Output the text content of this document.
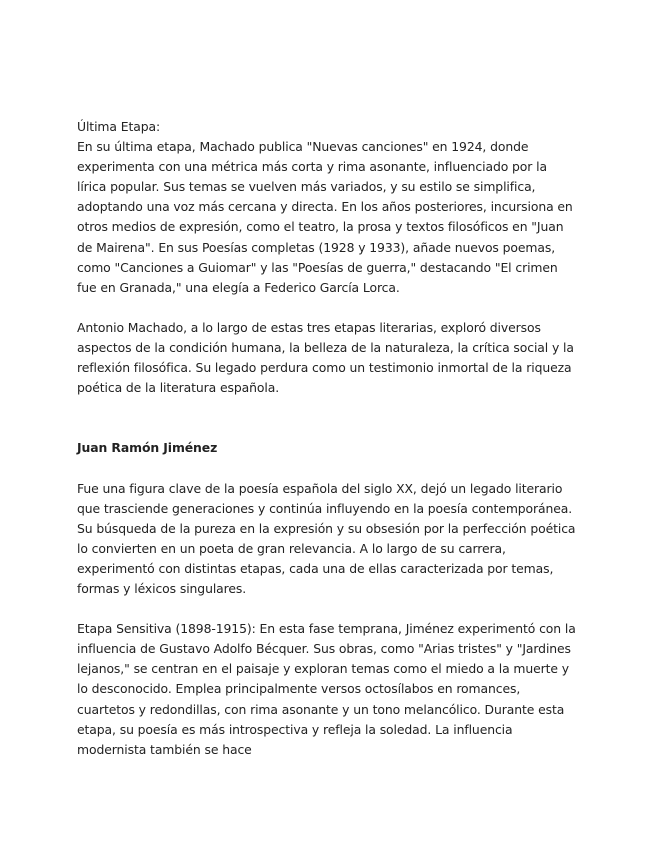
Última Etapa:
En su última etapa, Machado publica "Nuevas canciones" en 1924, donde experimenta con una métrica más corta y rima asonante, influenciado por la lírica popular. Sus temas se vuelven más variados, y su estilo se simplifica, adoptando una voz más cercana y directa. En los años posteriores, incursiona en otros medios de expresión, como el teatro, la prosa y textos filosóficos en "Juan de Mairena". En sus Poesías completas (1928 y 1933), añade nuevos poemas, como "Canciones a Guiomar" y las "Poesías de guerra," destacando "El crimen fue en Granada," una elegía a Federico García Lorca.

Antonio Machado, a lo largo de estas tres etapas literarias, exploró diversos aspectos de la condición humana, la belleza de la naturaleza, la crítica social y la reflexión filosófica. Su legado perdura como un testimonio inmortal de la riqueza poética de la literatura española.

Juan Ramón Jiménez

Fue una figura clave de la poesía española del siglo XX, dejó un legado literario que trasciende generaciones y continúa influyendo en la poesía contemporánea. Su búsqueda de la pureza en la expresión y su obsesión por la perfección poética lo convierten en un poeta de gran relevancia. A lo largo de su carrera, experimentó con distintas etapas, cada una de ellas caracterizada por temas, formas y léxicos singulares.

Etapa Sensitiva (1898-1915): En esta fase temprana, Jiménez experimentó con la influencia de Gustavo Adolfo Bécquer. Sus obras, como "Arias tristes" y "Jardines lejanos," se centran en el paisaje y exploran temas como el miedo a la muerte y lo desconocido. Emplea principalmente versos octosílabos en romances, cuartetos y redondillas, con rima asonante y un tono melancólico. Durante esta etapa, su poesía es más introspectiva y refleja la soledad. La influencia modernista también se hace
